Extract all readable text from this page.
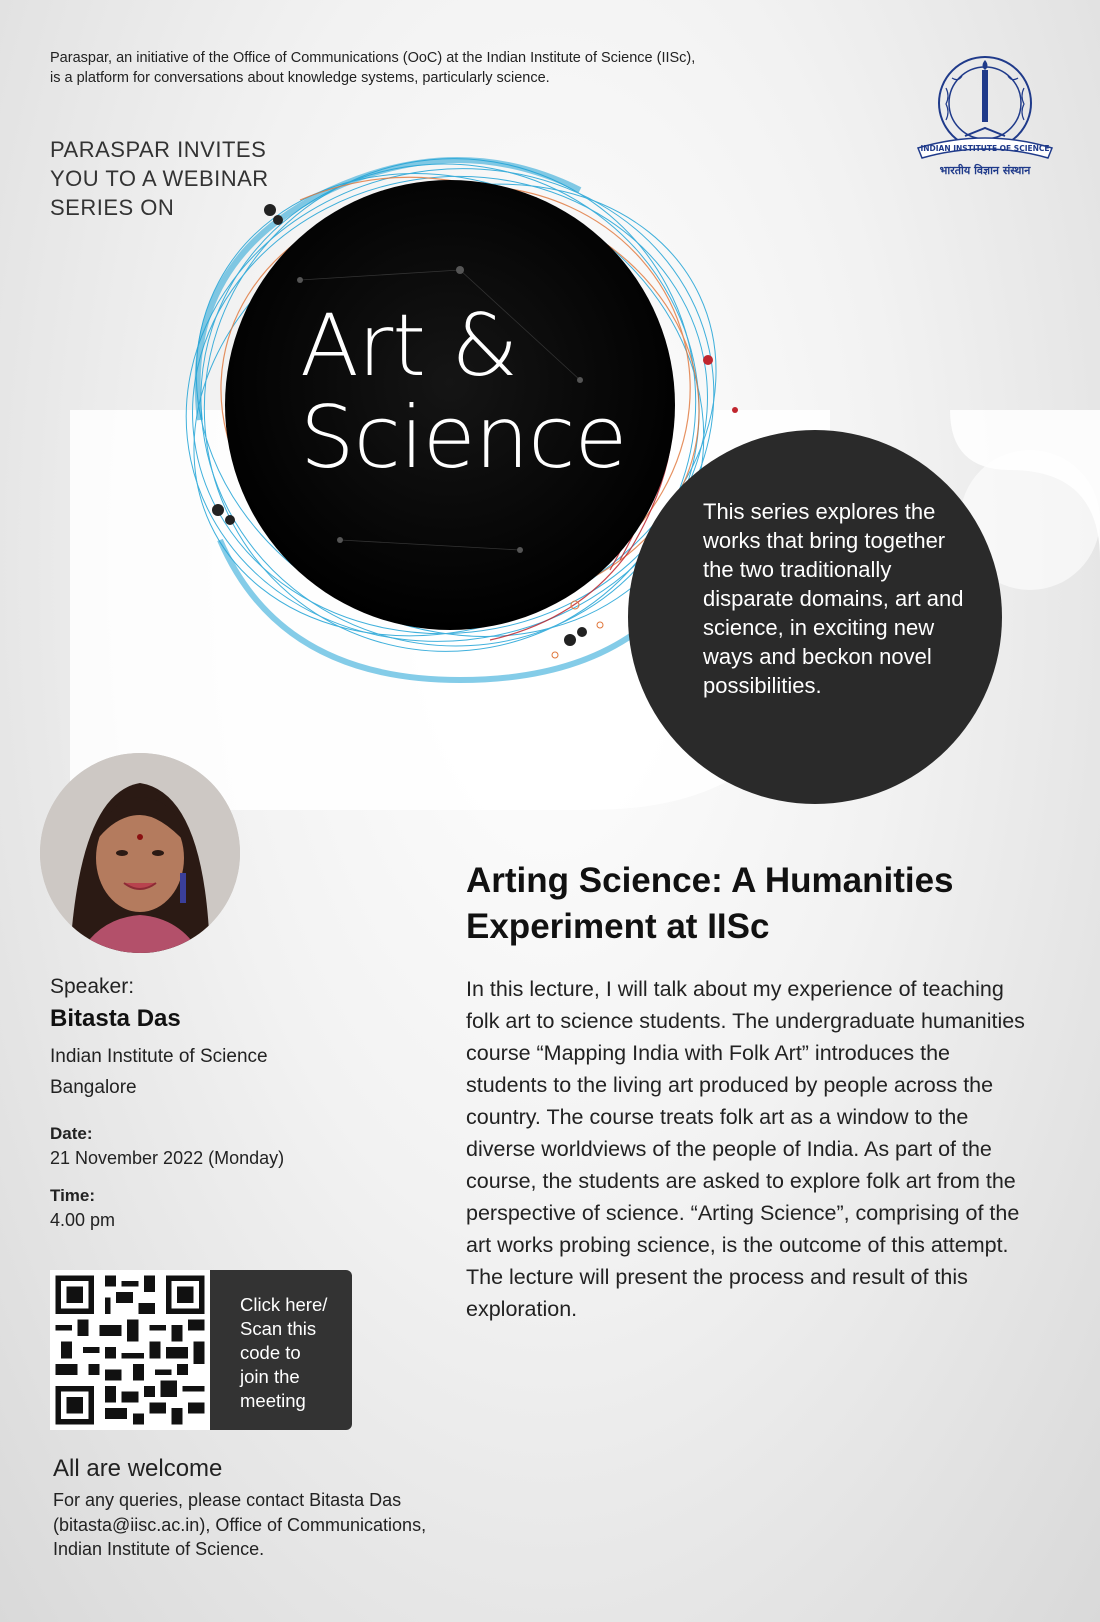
Paraspar, an initiative of the Office of Communications (OoC) at the Indian Institute of Science (IISc),
is a platform for conversations about knowledge systems, particularly science.
PARASPAR INVITES
YOU TO A WEBINAR
SERIES ON
INDIAN INSTITUTE OF SCIENCE
भारतीय विज्ञान संस्थान
Art &
Science
This series explores the works that bring together the two traditionally disparate domains, art and science, in exciting new ways and beckon novel possibilities.
Arting Science: A Humanities Experiment at IISc
In this lecture, I will talk about my experience of teaching folk art to science students. The undergraduate humanities course “Mapping India with Folk Art” introduces the students to the living art produced by people across the country. The course treats folk art as a window to the diverse worldviews of the people of India. As part of the course, the students are asked to explore folk art from the perspective of science. “Arting Science”, comprising of the art works probing science, is the outcome of this attempt. The lecture will present the process and result of this exploration.
Speaker:
Bitasta Das
Indian Institute of Science
Bangalore
Date:
21 November 2022 (Monday)
Time:
4.00 pm
Click here/
Scan this
code to
join the
meeting
All are welcome
For any queries, please contact Bitasta Das
(bitasta@iisc.ac.in), Office of Communications,
Indian Institute of Science.
